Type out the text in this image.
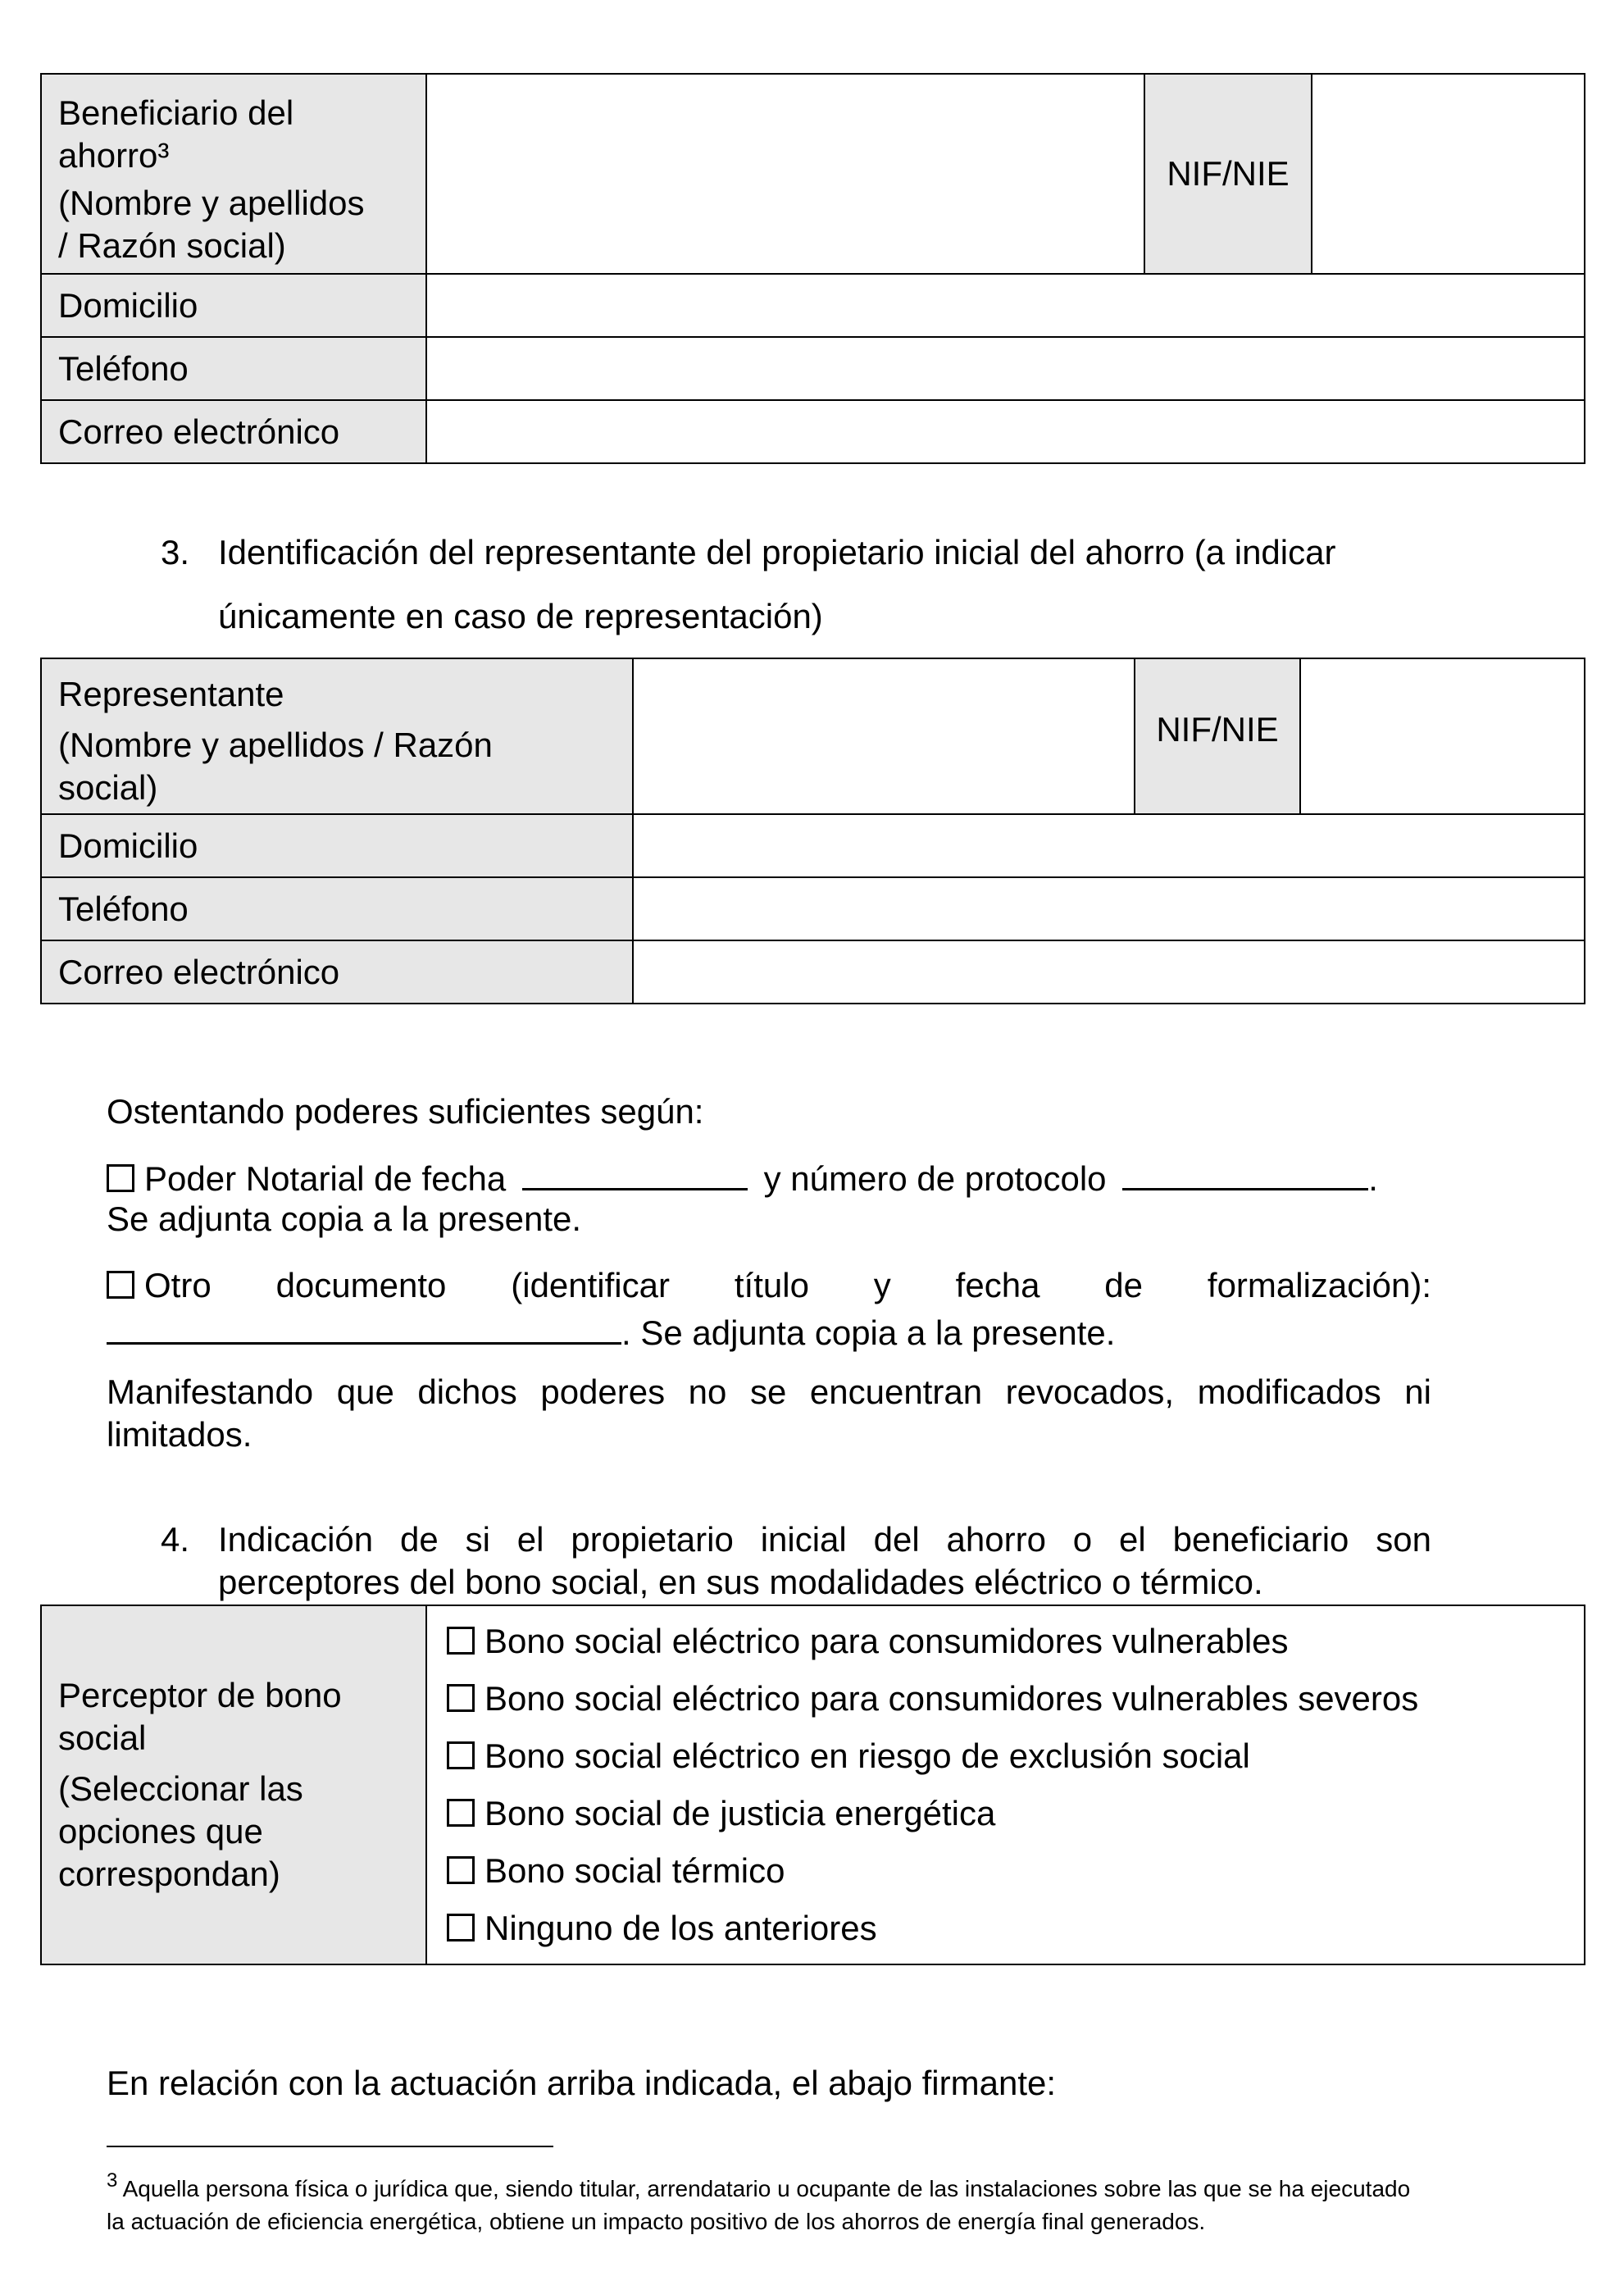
Beneficiario del
ahorro³
(Nombre y apellidos
/ Razón social)		NIF/NIE	
Domicilio			
Teléfono			
Correo electrónico			
3. Identificación del representante del propietario inicial del ahorro (a indicar
únicamente en caso de representación)
Representante
(Nombre y apellidos / Razón
social)		NIF/NIE	
Domicilio			
Teléfono			
Correo electrónico			
Ostentando poderes suficientes según:
Poder Notarial de fecha	y número de protocolo	.
Se adjunta copia a la presente.
Otro documento (identificar título y fecha de formalización):
. Se adjunta copia a la presente.
Manifestando que dichos poderes no se encuentran revocados, modificados ni limitados.
4. Indicación de si el propietario inicial del ahorro o el beneficiario son
perceptores del bono social, en sus modalidades eléctrico o térmico.
Perceptor de bono
social
(Seleccionar las
opciones que
correspondan)

Bono social eléctrico para consumidores vulnerables
Bono social eléctrico para consumidores vulnerables severos
Bono social eléctrico en riesgo de exclusión social
Bono social de justicia energética
Bono social térmico
Ninguno de los anteriores
En relación con la actuación arriba indicada, el abajo firmante:
$^3$ Aquella persona física o jurídica que, siendo titular, arrendatario u ocupante de las instalaciones sobre las que se ha ejecutado la actuación de eficiencia energética, obtiene un impacto positivo de los ahorros de energía final generados.
